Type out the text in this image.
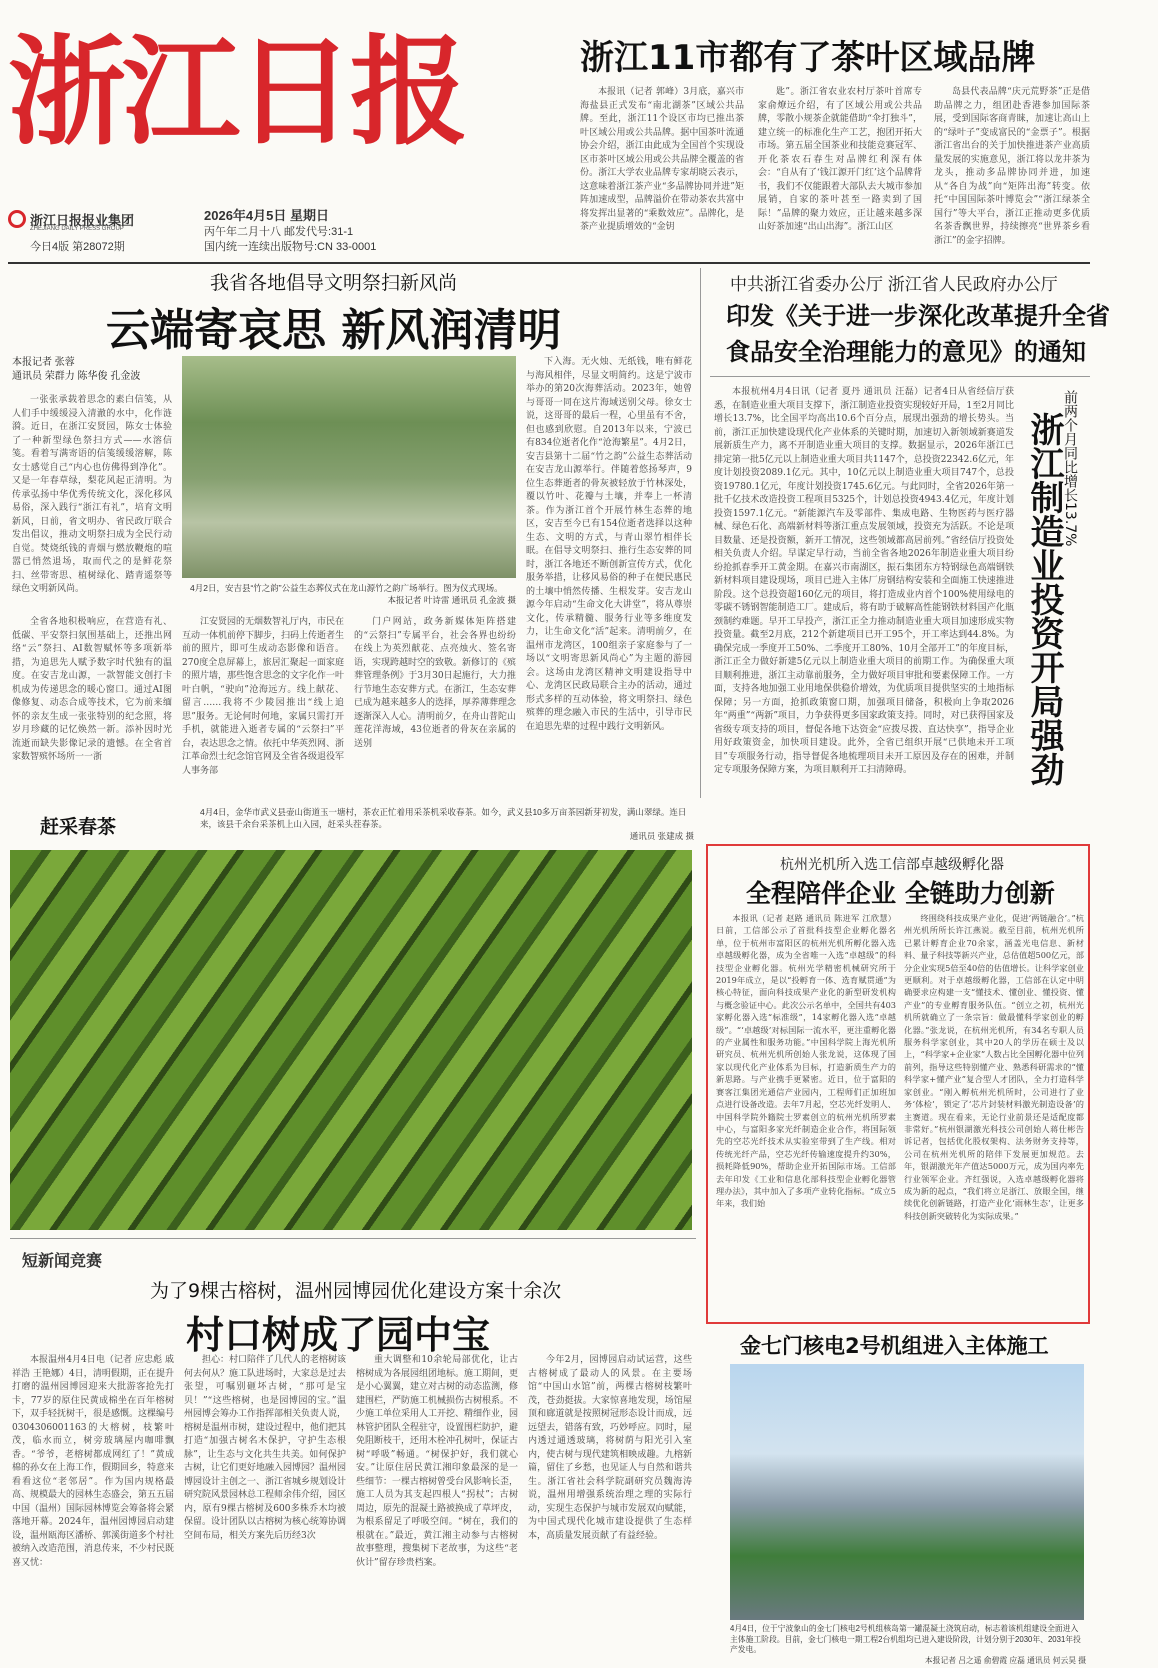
浙江日报
浙江日报报业集团
ZHEJIANG DAILY PRESS GROUP
今日4版 第28072期
2026年4月5日 星期日
丙午年二月十八 邮发代号:31-1
国内统一连续出版物号:CN 33-0001
浙江11市都有了茶叶区域品牌

本报讯（记者 郭峰）3月底，嘉兴市海盐县正式发布“南北湖茶”区域公共品牌。至此，浙江11个设区市均已推出茶叶区域公用或公共品牌。据中国茶叶流通协会介绍，浙江由此成为全国首个实现设区市茶叶区域公用或公共品牌全覆盖的省份。浙江大学农业品牌专家胡晓云表示，这意味着浙江茶产业“多品牌协同并进”矩阵加速成型，品牌溢价在带动茶农共富中将发挥出显著的“乘数效应”。品牌化，是茶产业提质增效的“金钥

匙”。浙江省农业农村厅茶叶首席专家俞燎远介绍，有了区域公用或公共品牌，零散小规茶企就能借助“伞打独斗”，建立统一的标准化生产工艺，抱团开拓大市场。第五届全国茶业和技能竞赛冠军、开化茶农石春生对品牌红利深有体会：“自从有了‘钱江源开门红’这个品牌背书，我们不仅能跟着大部队去大城市参加展销，自家的茶叶甚至一路卖到了国际！”品牌的聚力效应，正让越来越多深山好茶加速“出山出海”。浙江山区

岛县代表品牌“庆元荒野茶”正是借助品牌之力，组团赴香港参加国际茶展，受到国际客商青睐，加速让高山上的“绿叶子”变成富民的“金票子”。根据浙江省出台的关于加快推进茶产业高质量发展的实施意见，浙江将以龙井茶为龙头，推动多品牌协同并进，加速从“各自为战”向“矩阵出海”转变。依托“中国国际茶叶博览会”“浙江绿茶全国行”等大平台，浙江正推动更多优质名茶香飘世界，持续擦亮“世界茶乡看浙江”的金字招牌。

我省各地倡导文明祭扫新风尚
云端寄哀思 新风润清明
本报记者 张蓉
通讯员 荣群力 陈华俊 孔金波

一张张承载着思念的素白信笺，从人们手中缓缓浸入清澈的水中，化作涟漪。近日，在浙江安贤园，陈女士体验了一种新型绿色祭扫方式——水溶信笺。看着写满寄语的信笺缓缓溶解，陈女士感觉自己“内心也仿佛得到净化”。又是一年春草绿，梨花风起正清明。为传承弘扬中华优秀传统文化，深化移风易俗，深入践行“浙江有礼”，培育文明新风，日前，省文明办、省民政厅联合发出倡议，推动文明祭扫成为全民行动自觉。焚烧纸钱的青烟与燃放鞭炮的喧嚣已悄然退场，取而代之的是鲜花祭扫、丝带寄思、植树绿化、踏青遥祭等绿色文明新风尚。

全省各地积极响应，在营造有礼、低碳、平安祭扫氛围基础上，还推出网络“云”祭扫、AI数智赋怀等多项新举措，为追思先人赋予数字时代独有的温度。在安吉龙山源，一款智能文创打卡机成为传递思念的暖心窗口。通过AI图像修复、动态合成等技术，它为前来缅怀的亲友生成一张张特别的纪念照，将岁月珍藏的记忆焕然一新。添补因时光流逝而缺失影像记录的遗憾。在全省首家数智殡怀场所一一浙

4月2日，安吉县“竹之韵”公益生态葬仪式在龙山源竹之韵广场举行。图为仪式现场。

本报记者 叶诗雷 通讯员 孔金波 摄

江安贤园的无烟数智礼厅内，市民在互动一体机前停下脚步，扫码上传逝者生前的照片，即可生成动态影像和语音。270度全息屏幕上，旅居汇聚起一面家庭的照片墙，那些饱含思念的文字化作一叶叶白帆，“驶向”沧海远方。线上献花、留言……我将不少陵园推出“线上追思”服务。无论何时何地，家属只需打开手机，就能进入逝者专属的“云祭扫”平台，表达思念之情。依托中华英烈网、浙江革命烈士纪念馆官网及全省各级退役军人事务部

门户网站，政务新媒体矩阵搭建的“云祭扫”专属平台，社会各界也纷纷在线上为英烈献花、点亮烛火、签名寄语，实现跨越时空的致敬。新修订的《殡葬管理条例》于3月30日起施行，大力推行节地生态安葬方式。在浙江，生态安葬已成为越来越多人的选择，厚养薄葬理念逐渐深入人心。清明前夕，在舟山普陀山莲花洋海域，43位逝者的骨灰在亲属的送别

下入海。无火烛、无纸钱，唯有鲜花与海风相伴，尽显文明简约。这是宁波市举办的第20次海葬活动。2023年，她曾与哥哥一同在这片海域送别父母。徐女士说，这哥哥的最后一程，心里虽有不舍，但也感到欣慰。自2013年以来，宁波已有834位逝者化作“沧海繁星”。4月2日，安吉县第十二届“竹之韵”公益生态葬活动在安吉龙山源举行。伴随着悠扬琴声，9位生态葬逝者的骨灰被轻放于竹林深处，覆以竹叶、花瓣与土壤，并奉上一杯清茶。作为浙江首个开展竹林生态葬的地区，安吉至今已有154位逝者选择以这种生态、文明的方式，与青山翠竹相伴长眠。在倡导文明祭扫、推行生态安葬的同时，浙江各地还不断创新宣传方式，优化服务举措，让移风易俗的种子在便民惠民的土壤中悄然传播、生根发芽。安吉龙山源今年启动“生命文化大讲堂”，将从尊崇文化，传承精髓、服务行业等多维度发力，让生命文化“活”起来。清明前夕，在温州市龙湾区，100组亲子家庭参与了一场以“文明寄思新风尚心”为主题的游园会。这场由龙湾区精神文明建设指导中心、龙湾区民政局联合主办的活动，通过形式多样的互动体验，将文明祭扫、绿色殡葬的理念融入市民的生活中，引导市民在追思先辈的过程中践行文明新风。

中共浙江省委办公厅 浙江省人民政府办公厅
印发《关于进一步深化改革提升全省
食品安全治理能力的意见》的通知

本报杭州4月4日讯（记者 夏丹 通讯员 汪磊）记者4日从省经信厅获悉，在制造业重大项目支撑下，浙江制造业投资实现较好开局，1至2月同比增长13.7%，比全国平均高出10.6个百分点，展现出强劲的增长势头。当前，浙江正加快建设现代化产业体系的关键时期，加速切入新领域新赛道发展新质生产力，离不开制造业重大项目的支撑。数据显示，2026年浙江已排定第一批5亿元以上制造业重大项目共1147个，总投资22342.6亿元，年度计划投资2089.1亿元。其中，10亿元以上制造业重大项目747个，总投资19780.1亿元，年度计划投资1745.6亿元。与此同时，全省2026年第一批千亿技术改造投资工程项目5325个，计划总投资4943.4亿元，年度计划投资1597.1亿元。“新能源汽车及零部件、集成电路、生物医药与医疗器械、绿色石化、高端新材料等浙江重点发展领域，投资充为活跃。不论是项目数量、还是投资额，新开工情况，这些领域都高居前列。”省经信厅投资处相关负责人介绍。早谋定早行动，当前全省各地2026年制造业重大项目纷纷抢抓春季开工黄金期。在嘉兴市南湖区，振石集团东方特钢绿色高端钢铁新材料项目建设现场，项目已进入主体厂房钢结构安装和全面施工快速推进阶段。这个总投资超160亿元的项目，将打造成业内首个100%使用绿电的零碳不锈钢智能制造工厂。建成后，将有助于破解高性能钢铁材料国产化瓶颈制约难题。早开工早投产，浙江正全力推动制造业重大项目加速形成实物投资量。截至2月底，212个新建项目已开工95个，开工率达到44.8%。为确保完成一季度开工50%、二季度开工80%、10月全部开工”的年度目标，浙江正全力做好新建5亿元以上制造业重大项目的前期工作。为确保重大项目顺利推进，浙江主动靠前服务，全力做好项目审批和要素保障工作。一方面，支持各地加强工业用地保供稳价增效，为优质项目提供坚实的土地指标保障；另一方面，抢抓政策窗口期，加强项目储备，积极向上争取2026年“两重”“两新”项目，力争获得更多国家政策支持。同时，对已获得国家及省级专项支持的项目，督促各地下达资金“应拨尽拨、直达快享”，指导企业用好政策资金，加快项目建设。此外，全省已组织开展“已供地未开工项目”专项服务行动，指导督促各地梳理项目未开工原因及存在的困难，并制定专项服务保障方案，为项目顺利开工扫清障碍。

前两个月同比增长13.7%
浙江制造业投资开局强劲
赶采春茶
4月4日，金华市武义县壶山街道玉一塘村，茶农正忙着用采茶机采收春茶。如今，武义县10多万亩茶园新芽初发，满山翠绿。连日来，该县千余台采茶机上山入园，赶采头茬春茶。

通讯员 张建成 摄
杭州光机所入选工信部卓越级孵化器
全程陪伴企业 全链助力创新

本报讯（记者 赵路 通讯员 陈进军 江欣慧）日前，工信部公示了首批科技型企业孵化器名单，位于杭州市富阳区的杭州光机所孵化器入选卓越级孵化器，成为全省唯一入选“卓越级”的科技型企业孵化器。杭州光学精密机械研究所于2019年成立，是以“投孵育一体、选育赋贯通”为核心特征，面向科技成果产业化的新型研发机构与概念验证中心。此次公示名单中，全国共有403家孵化器入选“标准级”，14家孵化器入选“卓越级”。“‘卓越级’对标国际一流水平，更注重孵化器的产业属性和服务功能。”中国科学院上海光机所研究员、杭州光机所创始人张龙说，这体现了国家以现代化产业体系为目标，打造新质生产力的新思路。与产业携手更紧密。近日，位于富阳的赛客江集团光通信产业园内，工程师们正加班加点进行设备改造。去年7月起，空芯光纤发明人、中国科学院外籍院士罗素创立的杭州光机所罗素中心，与富阳多家光纤制造企业合作，将国际领先的空芯光纤技术从实验室带到了生产线。相对传统光纤产品，空芯光纤传输速度提升约30%，损耗降低90%，帮助企业开拓国际市场。工信部去年印发《工业和信息化部科技型企业孵化器管理办法》，其中加入了多项产业转化指标。“成立5年来，我们始

终围绕科技成果产业化，促进‘两链融合’。”杭州光机所所长许江燕说。截至目前，杭州光机所已累计孵育企业70余家，涵盖光电信息、新材料、量子科技等新兴产业，总估值超500亿元，部分企业实现5倍至40倍的估值增长。让科学家创业更顺利。对于卓越级孵化器，工信部在认定中明确要求应构建一支“懂技术、懂创业、懂投资、懂产业”的专业孵育服务队伍。“创立之初，杭州光机所就确立了一条宗旨：做最懂科学家创业的孵化器。”张龙说，在杭州光机所，有34名专职人员服务科学家创业，其中20人的学历在硕士及以上，“科学家+企业家”人数占比全国孵化器中位列前列，指导这些特别懂产业、熟悉科研需求的“懂科学家+懂产业”复合型人才团队，全力打造科学家创业。“刚入孵杭州光机所时，公司进行了业务‘体检’，锁定了‘芯片封装材料激光制造设备’的主赛道。现在看来，无论行业前景还是适配度都非常好。”杭州银湖激光科技公司创始人蒋仕彬告诉记者，包括优化股权架构、法务财务支持等，公司在杭州光机所的陪伴下发展更加规范。去年，银湖激光年产值达5000万元，成为国内率先行业领军企业。齐红强说，入选卓越级孵化器将成为新的起点，“我们将立足浙江、放眼全国，继续优化创新链路，打造产业化‘雨林生态’，让更多科技创新突破转化为实际成果。”

短新闻竞赛
为了9棵古榕树，温州园博园优化建设方案十余次
村口树成了园中宝

本报温州4月4日电（记者 应忠彪 戚祥浩 王艳娜）4日，清明假期，正在提升打磨的温州园博园迎来大批游客抢先打卡，77岁的原住民黄成棉坐在百年榕树下，双手轻抚树干，很是感慨。这棵编号0304306001163的大榕树，枝繁叶茂，临水而立，树旁玻璃屋内咖啡飘香。“爷爷，老榕树都成网红了！”黄成棉的孙女在上海工作，假期回乡，特意来看看这位“老邻居”。作为国内规格最高、规模最大的园林生态盛会，第五五届中国（温州）国际园林博览会筹备将会紧落地开幕。2024年，温州园博园启动建设，温州瓯海区潘桥、郭溪街道多个村社被纳入改造范围，消息传来，不少村民既喜又忧：

担心：村口陪伴了几代人的老榕树该何去何从？施工队进场时，大家总是过去张望，可嘱别砸坏古树，“那可是宝贝！”“这些榕树，也是园博园的宝。”温州园博会筹办工作指挥部相关负责人说，榕树是温州市树，建设过程中，他们把其打造“加强古树名木保护，守护生态根脉”，让生态与文化共生共美。如何保护古树，让它们更好地融入园博园？温州园博园设计主创之一、浙江省城乡规划设计研究院风景园林总工程师余伟介绍，园区内，原有9棵古榕树及600多株乔木均被保留。设计团队以古榕树为核心统筹协调空间布局，相关方案先后历经3次

重大调整和10余轮局部优化，让古榕树成为各展园组团地标。施工期间，更是小心翼翼，建立对古树的动态监测，修建围栏，严防施工机械损伤古树根系。不少施工单位采用人工开挖、精细作业，园林管护团队全程驻守，设置围栏防护，避免阻断枝干，还用木栓冲孔树叶，保证古树“呼吸”畅通。“树保护好，我们就心安。”让原住居民黄江湘印象最深的是一些细节：一棵古榕树曾受台风影响长歪，施工人员为其支起四根人“拐杖”；古树周边，原先的混凝土路被换成了草坪皮，为根系留足了呼吸空间。“树在，我们的根就在。”最近，黄江湘主动参与古榕树故事整理，搜集树下老故事，为这些“老伙计”留存珍贵档案。

今年2月，园博园启动试运营，这些古榕树成了最动人的风景。在主要场馆“中国山水馆”前，两棵古榕树枝繁叶茂，苍劲挺拔。大家惊喜地发现，场馆屋顶和廊道就是按照树冠形态设计而成，远远望去，错落有致，巧妙呼应。同时，屋内透过通透玻璃，将树荫与阳光引入室内，使古树与现代建筑相映成趣。九榕新篇，留住了乡愁，也见证人与自然和谐共生。浙江省社会科学院副研究员魏海涛说，温州用增强系统治理之理的实际行动，实现生态保护与城市发展双向赋能，为中国式现代化城市建设提供了生态样本，高质量发展贡献了有益经验。

金七门核电2号机组进入主体施工
4月4日，位于宁波象山的金七门核电2号机组核岛第一罐混凝土浇筑启动，标志着该机组建设全面进入主体施工阶段。目前，金七门核电一期工程2台机组均已进入建设阶段，计划分别于2030年、2031年投产发电。

本报记者 吕之遥 俞碧霞 应磊 通讯员 何云昊 摄
